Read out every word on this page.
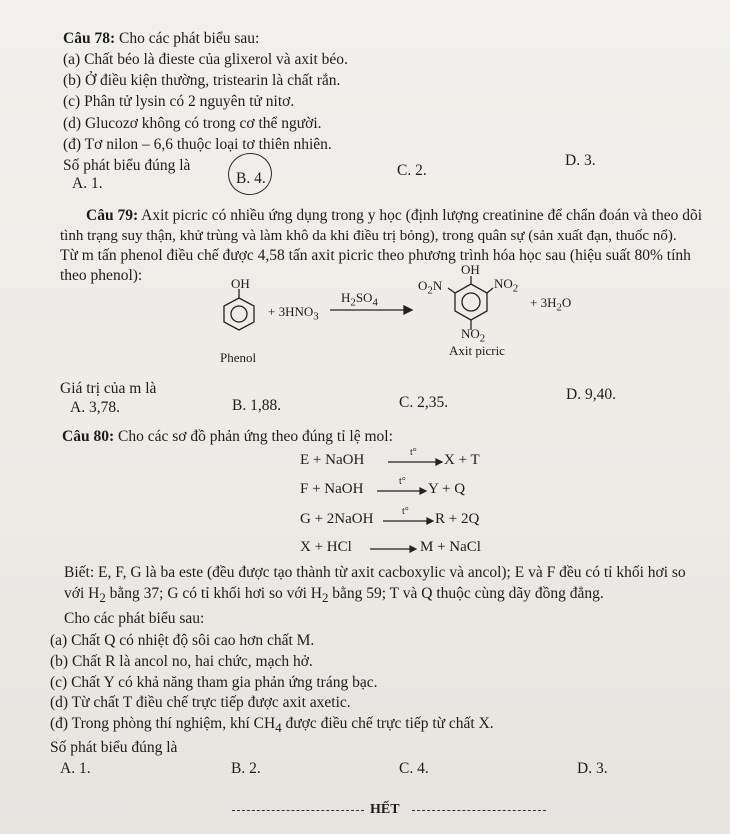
Câu 78: Cho các phát biểu sau:
(a) Chất béo là đieste của glixerol và axit béo.
(b) Ở điều kiện thường, tristearin là chất rắn.
(c) Phân tử lysin có 2 nguyên tử nitơ.
(d) Glucozơ không có trong cơ thể người.
(đ) Tơ nilon – 6,6 thuộc loại tơ thiên nhiên.
Số phát biểu đúng là
A. 1.	B. 4.	C. 2.
D. 3.
Câu 79: Axit picric có nhiều ứng dụng trong y học (định lượng creatinine để chẩn đoán và theo dõi
tình trạng suy thận, khử trùng và làm khô da khi điều trị bỏng), trong quân sự (sản xuất đạn, thuốc nổ).
Từ m tấn phenol điều chế được 4,58 tấn axit picric theo phương trình hóa học sau (hiệu suất 80% tính
theo phenol):	OH
+ $3HNO_3$
$H_2SO_4$
OH
$O_2N$	$NO_2$
$NO_2$
+ $3H_2O$
Phenol	Axit picric
Giá trị của m là
A. 3,78.	B. 1,88.	C. 2,35.	D. 9,40.
Câu 80: Cho các sơ đồ phản ứng theo đúng tỉ lệ mol:
E + NaOH	t° X + T
F + NaOH	t° Y + Q
G + 2NaOH	t° R + 2Q
X + HCl	M + NaCl
Biết: E, F, G là ba este (đều được tạo thành từ axit cacboxylic và ancol); E và F đều có tỉ khối hơi so
với $H_2$ bằng 37; G có tỉ khối hơi so với $H_2$ bằng 59; T và Q thuộc cùng dãy đồng đẳng.
Cho các phát biểu sau:
(a) Chất Q có nhiệt độ sôi cao hơn chất M.
(b) Chất R là ancol no, hai chức, mạch hở.
(c) Chất Y có khả năng tham gia phản ứng tráng bạc.
(d) Từ chất T điều chế trực tiếp được axit axetic.
(đ) Trong phòng thí nghiệm, khí $CH_4$ được điều chế trực tiếp từ chất X.
Số phát biểu đúng là
A. 1.	B. 2.	C. 4.	D. 3.
HẾT
